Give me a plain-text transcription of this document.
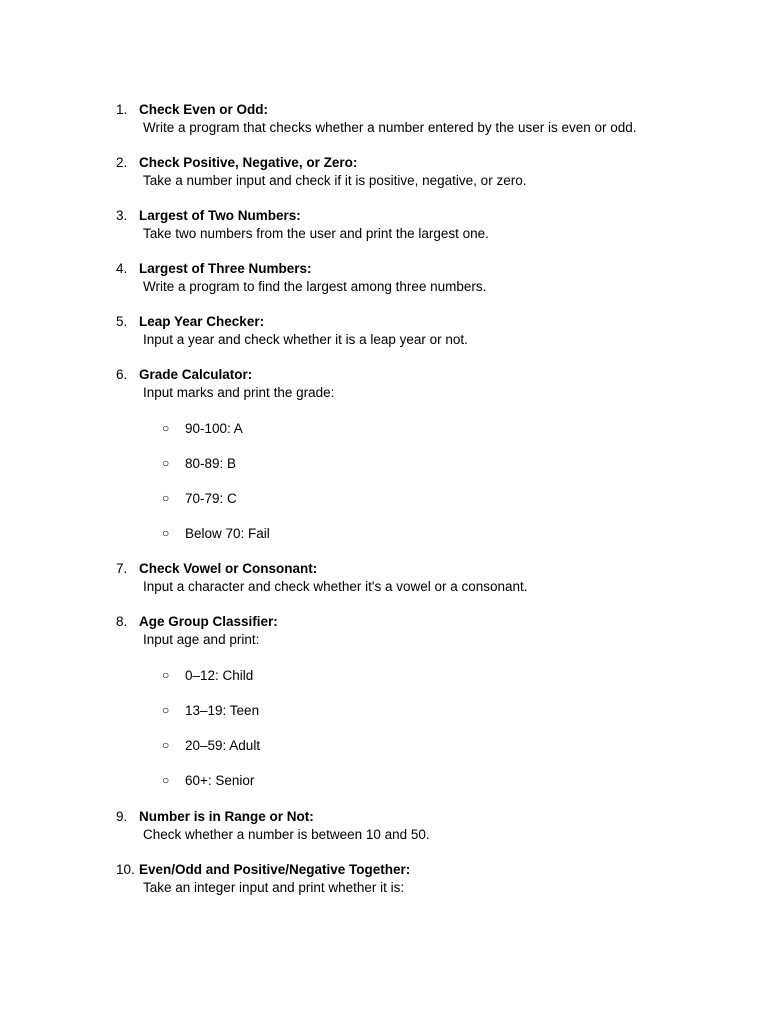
1. Check Even or Odd:
Write a program that checks whether a number entered by the user is even or odd.
2. Check Positive, Negative, or Zero:
Take a number input and check if it is positive, negative, or zero.
3. Largest of Two Numbers:
Take two numbers from the user and print the largest one.
4. Largest of Three Numbers:
Write a program to find the largest among three numbers.
5. Leap Year Checker:
Input a year and check whether it is a leap year or not.
6. Grade Calculator:
Input marks and print the grade:
○ 90-100: A
○ 80-89: B
○ 70-79: C
○ Below 70: Fail
7. Check Vowel or Consonant:
Input a character and check whether it's a vowel or a consonant.
8. Age Group Classifier:
Input age and print:
○ 0–12: Child
○ 13–19: Teen
○ 20–59: Adult
○ 60+: Senior
9. Number is in Range or Not:
Check whether a number is between 10 and 50.
10. Even/Odd and Positive/Negative Together:
Take an integer input and print whether it is:
